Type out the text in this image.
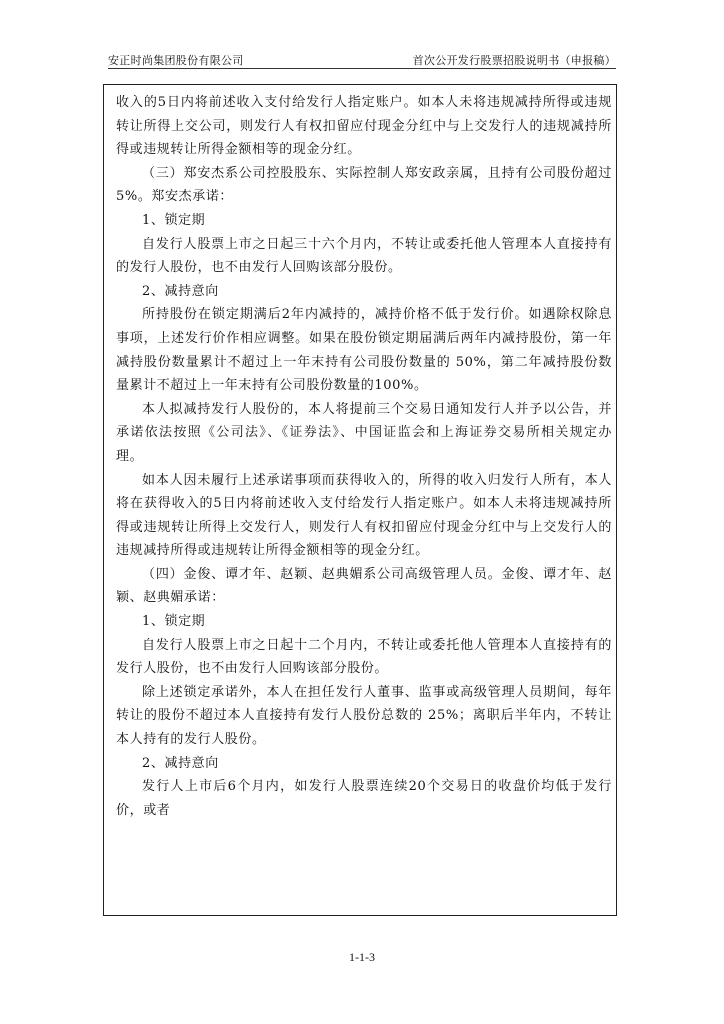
安正时尚集团股份有限公司	首次公开发行股票招股说明书（申报稿）

收入的5日内将前述收入支付给发行人指定账户。如本人未将违规减持所得或违规转让所得上交公司，则发行人有权扣留应付现金分红中与上交发行人的违规减持所得或违规转让所得金额相等的现金分红。

（三）郑安杰系公司控股股东、实际控制人郑安政亲属，且持有公司股份超过5%。郑安杰承诺：

1、锁定期

自发行人股票上市之日起三十六个月内，不转让或委托他人管理本人直接持有的发行人股份，也不由发行人回购该部分股份。

2、减持意向

所持股份在锁定期满后2年内减持的，减持价格不低于发行价。如遇除权除息事项，上述发行价作相应调整。如果在股份锁定期届满后两年内减持股份，第一年减持股份数量累计不超过上一年末持有公司股份数量的 50%，第二年减持股份数量累计不超过上一年末持有公司股份数量的100%。

本人拟减持发行人股份的，本人将提前三个交易日通知发行人并予以公告，并承诺依法按照《公司法》、《证券法》、中国证监会和上海证券交易所相关规定办理。

如本人因未履行上述承诺事项而获得收入的，所得的收入归发行人所有，本人将在获得收入的5日内将前述收入支付给发行人指定账户。如本人未将违规减持所得或违规转让所得上交发行人，则发行人有权扣留应付现金分红中与上交发行人的违规减持所得或违规转让所得金额相等的现金分红。

（四）金俊、谭才年、赵颖、赵典媚系公司高级管理人员。金俊、谭才年、赵颖、赵典媚承诺：

1、锁定期

自发行人股票上市之日起十二个月内，不转让或委托他人管理本人直接持有的发行人股份，也不由发行人回购该部分股份。

除上述锁定承诺外，本人在担任发行人董事、监事或高级管理人员期间，每年转让的股份不超过本人直接持有发行人股份总数的 25%；离职后半年内，不转让本人持有的发行人股份。

2、减持意向

发行人上市后6个月内，如发行人股票连续20个交易日的收盘价均低于发行价，或者

1-1-3
